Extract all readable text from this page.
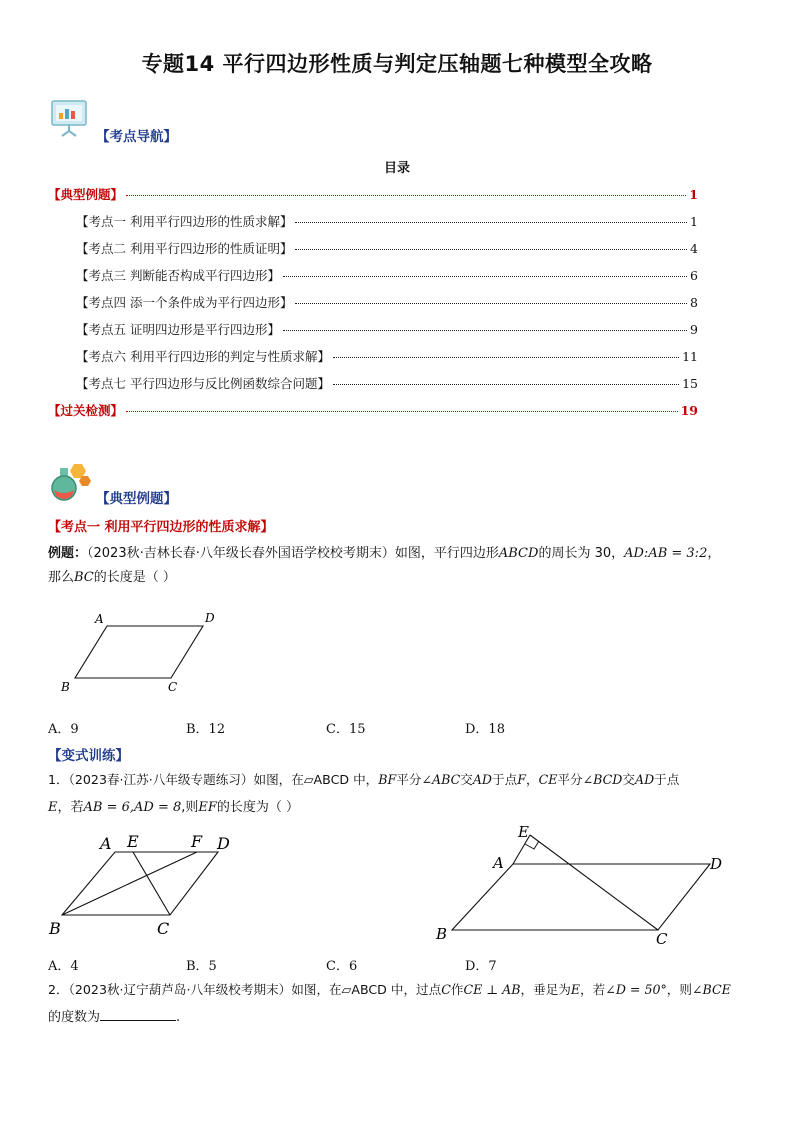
专题14 平行四边形性质与判定压轴题七种模型全攻略
【考点导航】
目录
【典型例题】	1
【考点一 利用平行四边形的性质求解】	1
【考点二 利用平行四边形的性质证明】	4
【考点三 判断能否构成平行四边形】	6
【考点四 添一个条件成为平行四边形】	8
【考点五 证明四边形是平行四边形】	9
【考点六 利用平行四边形的判定与性质求解】	11
【考点七 平行四边形与反比例函数综合问题】	15
【过关检测】	19
【典型例题】
【考点一 利用平行四边形的性质求解】
例题：（2023秋·吉林长春·八年级长春外国语学校校考期末）如图，平行四边形ABCD的周长为 30，AD:AB = 3:2，
那么BC的长度是（ ）
A	D
B	C
A．9	B．12	C．15	D．18
【变式训练】
1．（2023春·江苏·八年级专题练习）如图，在▱ABCD 中，BF平分∠ABC交AD于点F，CE平分∠BCD交AD于点
E，若AB = 6,AD = 8,则EF的长度为（ ）
A E	F D
B	C
E
A	D
B	C
A．4	B．5	C．6	D．7
2．（2023秋·辽宁葫芦岛·八年级校考期末）如图，在▱ABCD 中，过点C作CE ⊥ AB，垂足为E，若∠D = 50°，则∠BCE
的度数为	.
